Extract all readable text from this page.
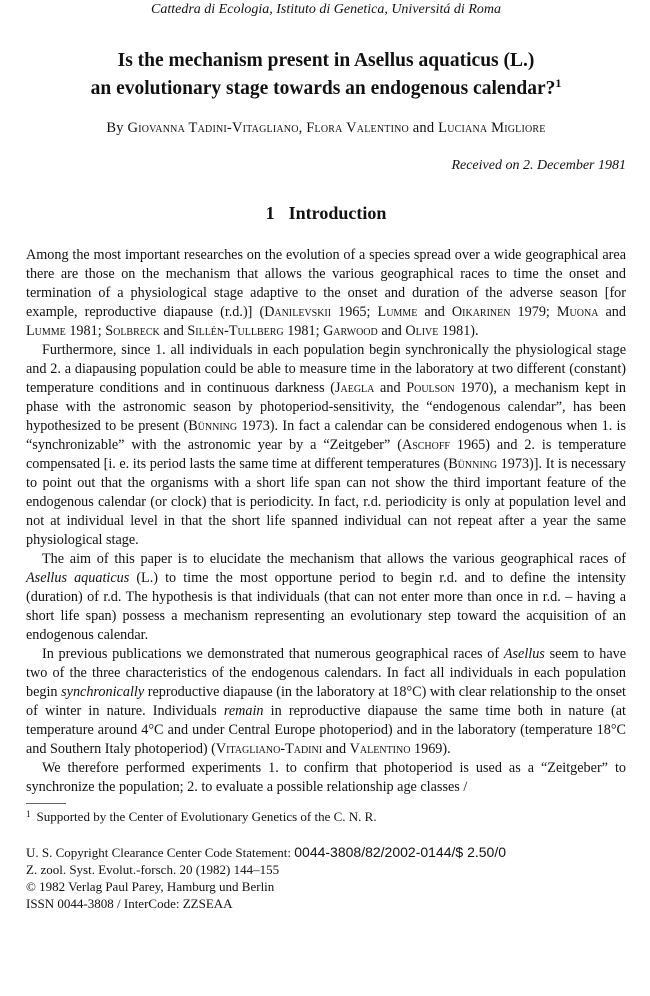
Cattedra di Ecologia, Istituto di Genetica, Universitá di Roma
Is the mechanism present in Asellus aquaticus (L.)
an evolutionary stage towards an endogenous calendar?$^1$
By Giovanna Tadini-Vitagliano, Flora Valentino and Luciana Migliore
Received on 2. December 1981
1 Introduction

Among the most important researches on the evolution of a species spread over a wide geographical area there are those on the mechanism that allows the various geographical races to time the onset and termination of a physiological stage adaptive to the onset and duration of the adverse season [for example, reproductive diapause (r.d.)] (Danilevskii 1965; Lumme and Oikarinen 1979; Muona and Lumme 1981; Solbreck and Sillén-Tullberg 1981; Garwood and Olive 1981).

Furthermore, since 1. all individuals in each population begin synchronically the physiological stage and 2. a diapausing population could be able to measure time in the laboratory at two different (constant) temperature conditions and in continuous darkness (Jaegla and Poulson 1970), a mechanism kept in phase with the astronomic season by photoperiod-sensitivity, the “endogenous calendar”, has been hypothesized to be present (Bünning 1973). In fact a calendar can be considered endogenous when 1. is “synchronizable” with the astronomic year by a “Zeitgeber” (Aschoff 1965) and 2. is temperature compensated [i. e. its period lasts the same time at different temperatures (Bünning 1973)]. It is necessary to point out that the organisms with a short life span can not show the third important feature of the endogenous calendar (or clock) that is periodicity. In fact, r.d. periodicity is only at population level and not at individual level in that the short life spanned individual can not repeat after a year the same physiological stage.

The aim of this paper is to elucidate the mechanism that allows the various geographical races of Asellus aquaticus (L.) to time the most opportune period to begin r.d. and to define the intensity (duration) of r.d. The hypothesis is that individuals (that can not enter more than once in r.d. – having a short life span) possess a mechanism representing an evolutionary step toward the acquisition of an endogenous calendar.

In previous publications we demonstrated that numerous geographical races of Asellus seem to have two of the three characteristics of the endogenous calendars. In fact all individuals in each population begin synchronically reproductive diapause (in the laboratory at 18°C) with clear relationship to the onset of winter in nature. Individuals remain in reproductive diapause the same time both in nature (at temperature around 4°C and under Central Europe photoperiod) and in the laboratory (temperature 18°C and Southern Italy photoperiod) (Vitagliano-Tadini and Valentino 1969).

We therefore performed experiments 1. to confirm that photoperiod is used as a “Zeitgeber” to synchronize the population; 2. to evaluate a possible relationship age classes /

$^1$ Supported by the Center of Evolutionary Genetics of the C. N. R.
U. S. Copyright Clearance Center Code Statement: 0044-3808/82/2002-0144/$ 2.50/0
Z. zool. Syst. Evolut.-forsch. 20 (1982) 144–155
© 1982 Verlag Paul Parey, Hamburg und Berlin
ISSN 0044-3808 / InterCode: ZZSEAA
